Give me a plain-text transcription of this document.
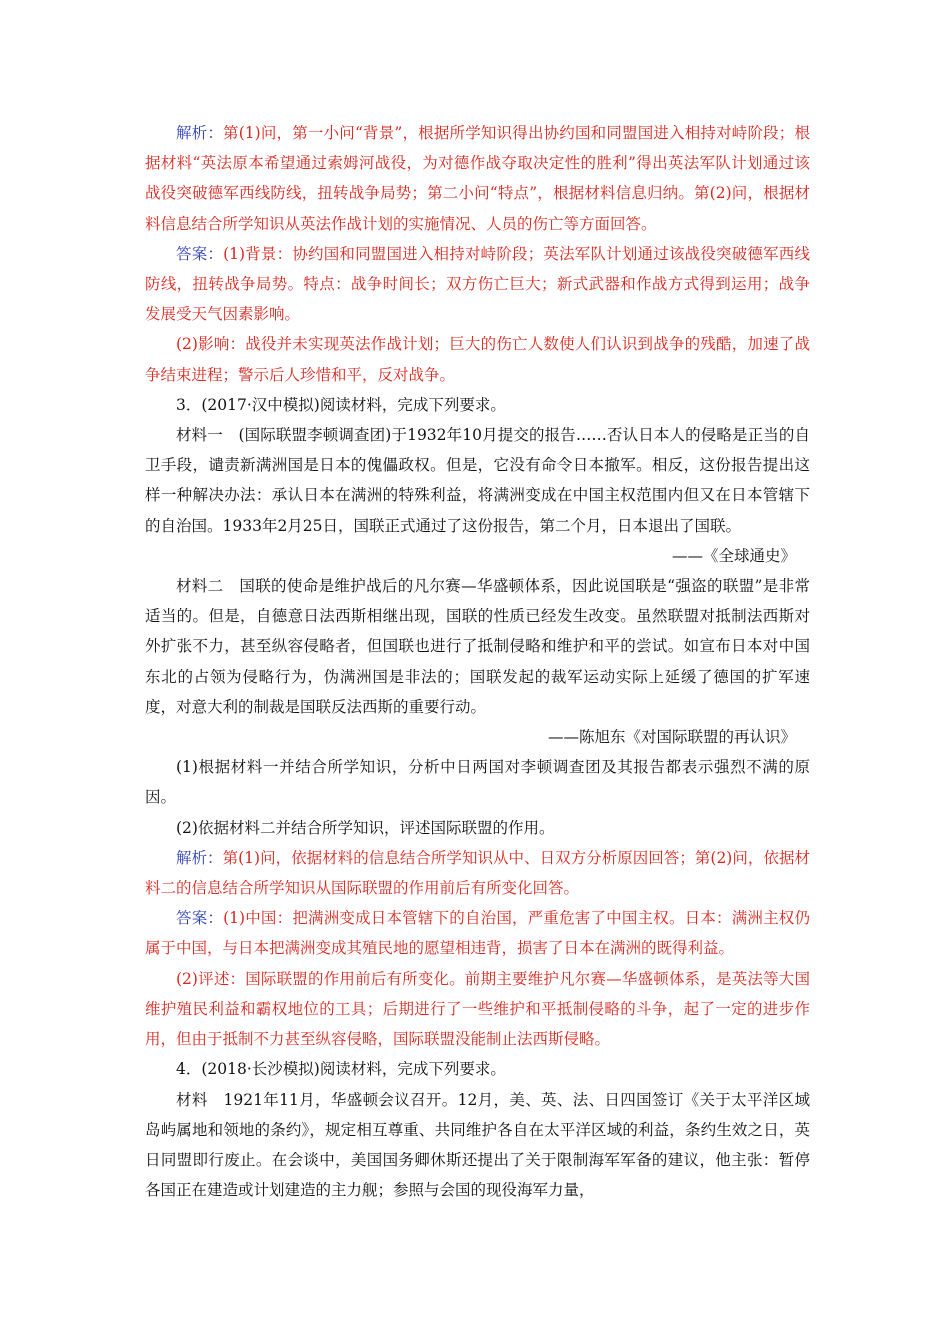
解析：第(1)问，第一小问“背景”，根据所学知识得出协约国和同盟国进入相持对峙阶段；根据材料“英法原本希望通过索姆河战役，为对德作战夺取决定性的胜利”得出英法军队计划通过该战役突破德军西线防线，扭转战争局势；第二小问“特点”，根据材料信息归纳。第(2)问，根据材料信息结合所学知识从英法作战计划的实施情况、人员的伤亡等方面回答。

答案：(1)背景：协约国和同盟国进入相持对峙阶段；英法军队计划通过该战役突破德军西线防线，扭转战争局势。特点：战争时间长；双方伤亡巨大；新式武器和作战方式得到运用；战争发展受天气因素影响。

(2)影响：战役并未实现英法作战计划；巨大的伤亡人数使人们认识到战争的残酷，加速了战争结束进程；警示后人珍惜和平，反对战争。

3．(2017·汉中模拟)阅读材料，完成下列要求。

材料一　(国际联盟李顿调查团)于1932年10月提交的报告……否认日本人的侵略是正当的自卫手段，谴责新满洲国是日本的傀儡政权。但是，它没有命令日本撤军。相反，这份报告提出这样一种解决办法：承认日本在满洲的特殊利益，将满洲变成在中国主权范围内但又在日本管辖下的自治国。1933年2月25日，国联正式通过了这份报告，第二个月，日本退出了国联。

——《全球通史》

材料二　国联的使命是维护战后的凡尔赛—华盛顿体系，因此说国联是“强盗的联盟”是非常适当的。但是，自德意日法西斯相继出现，国联的性质已经发生改变。虽然联盟对抵制法西斯对外扩张不力，甚至纵容侵略者，但国联也进行了抵制侵略和维护和平的尝试。如宣布日本对中国东北的占领为侵略行为，伪满洲国是非法的；国联发起的裁军运动实际上延缓了德国的扩军速度，对意大利的制裁是国联反法西斯的重要行动。

——陈旭东《对国际联盟的再认识》

(1)根据材料一并结合所学知识，分析中日两国对李顿调查团及其报告都表示强烈不满的原因。

(2)依据材料二并结合所学知识，评述国际联盟的作用。

解析：第(1)问，依据材料的信息结合所学知识从中、日双方分析原因回答；第(2)问，依据材料二的信息结合所学知识从国际联盟的作用前后有所变化回答。

答案：(1)中国：把满洲变成日本管辖下的自治国，严重危害了中国主权。日本：满洲主权仍属于中国，与日本把满洲变成其殖民地的愿望相违背，损害了日本在满洲的既得利益。

(2)评述：国际联盟的作用前后有所变化。前期主要维护凡尔赛—华盛顿体系，是英法等大国维护殖民利益和霸权地位的工具；后期进行了一些维护和平抵制侵略的斗争，起了一定的进步作用，但由于抵制不力甚至纵容侵略，国际联盟没能制止法西斯侵略。

4．(2018·长沙模拟)阅读材料，完成下列要求。

材料　1921年11月，华盛顿会议召开。12月，美、英、法、日四国签订《关于太平洋区域岛屿属地和领地的条约》，规定相互尊重、共同维护各自在太平洋区域的利益，条约生效之日，英日同盟即行废止。在会谈中，美国国务卿休斯还提出了关于限制海军军备的建议，他主张：暂停各国正在建造或计划建造的主力舰；参照与会国的现役海军力量，
